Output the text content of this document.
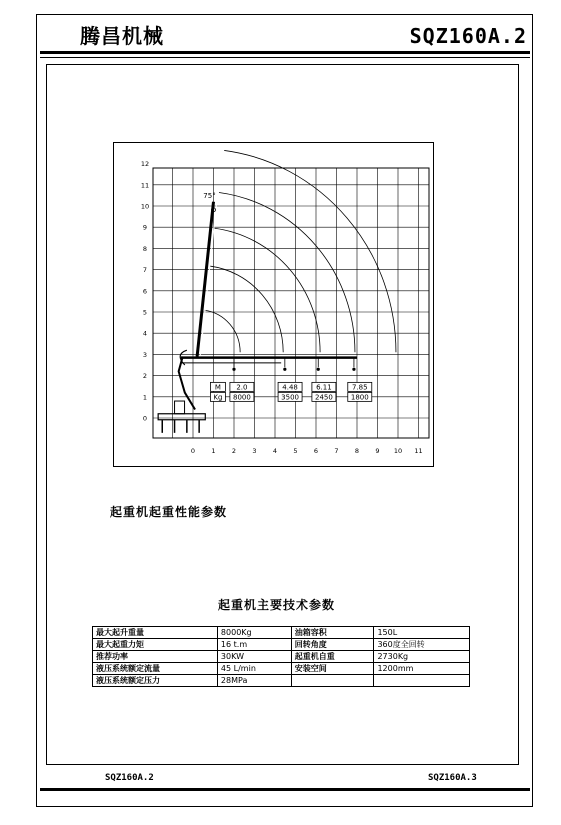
腾昌机械	SQZ160A.2
0
1
2
3
4
5
6
7
8
9
10
11
12
0	1	2	3	4	5	6	7	8	9 10 11
75°
M
Kg
2.0
8000
4.48
3500
6.11
2450
7.85
1800
起重机起重性能参数
起重机主要技术参数
最大起升重量	8000Kg	油箱容积	150L
最大起重力矩	16 t.m	回转角度	360度全回转
推荐功率	30KW	起重机自重	2730Kg
液压系统额定流量	45 L/min	安装空间	1200mm
液压系统额定压力	28MPa		
SQZ160A.2	SQZ160A.3
